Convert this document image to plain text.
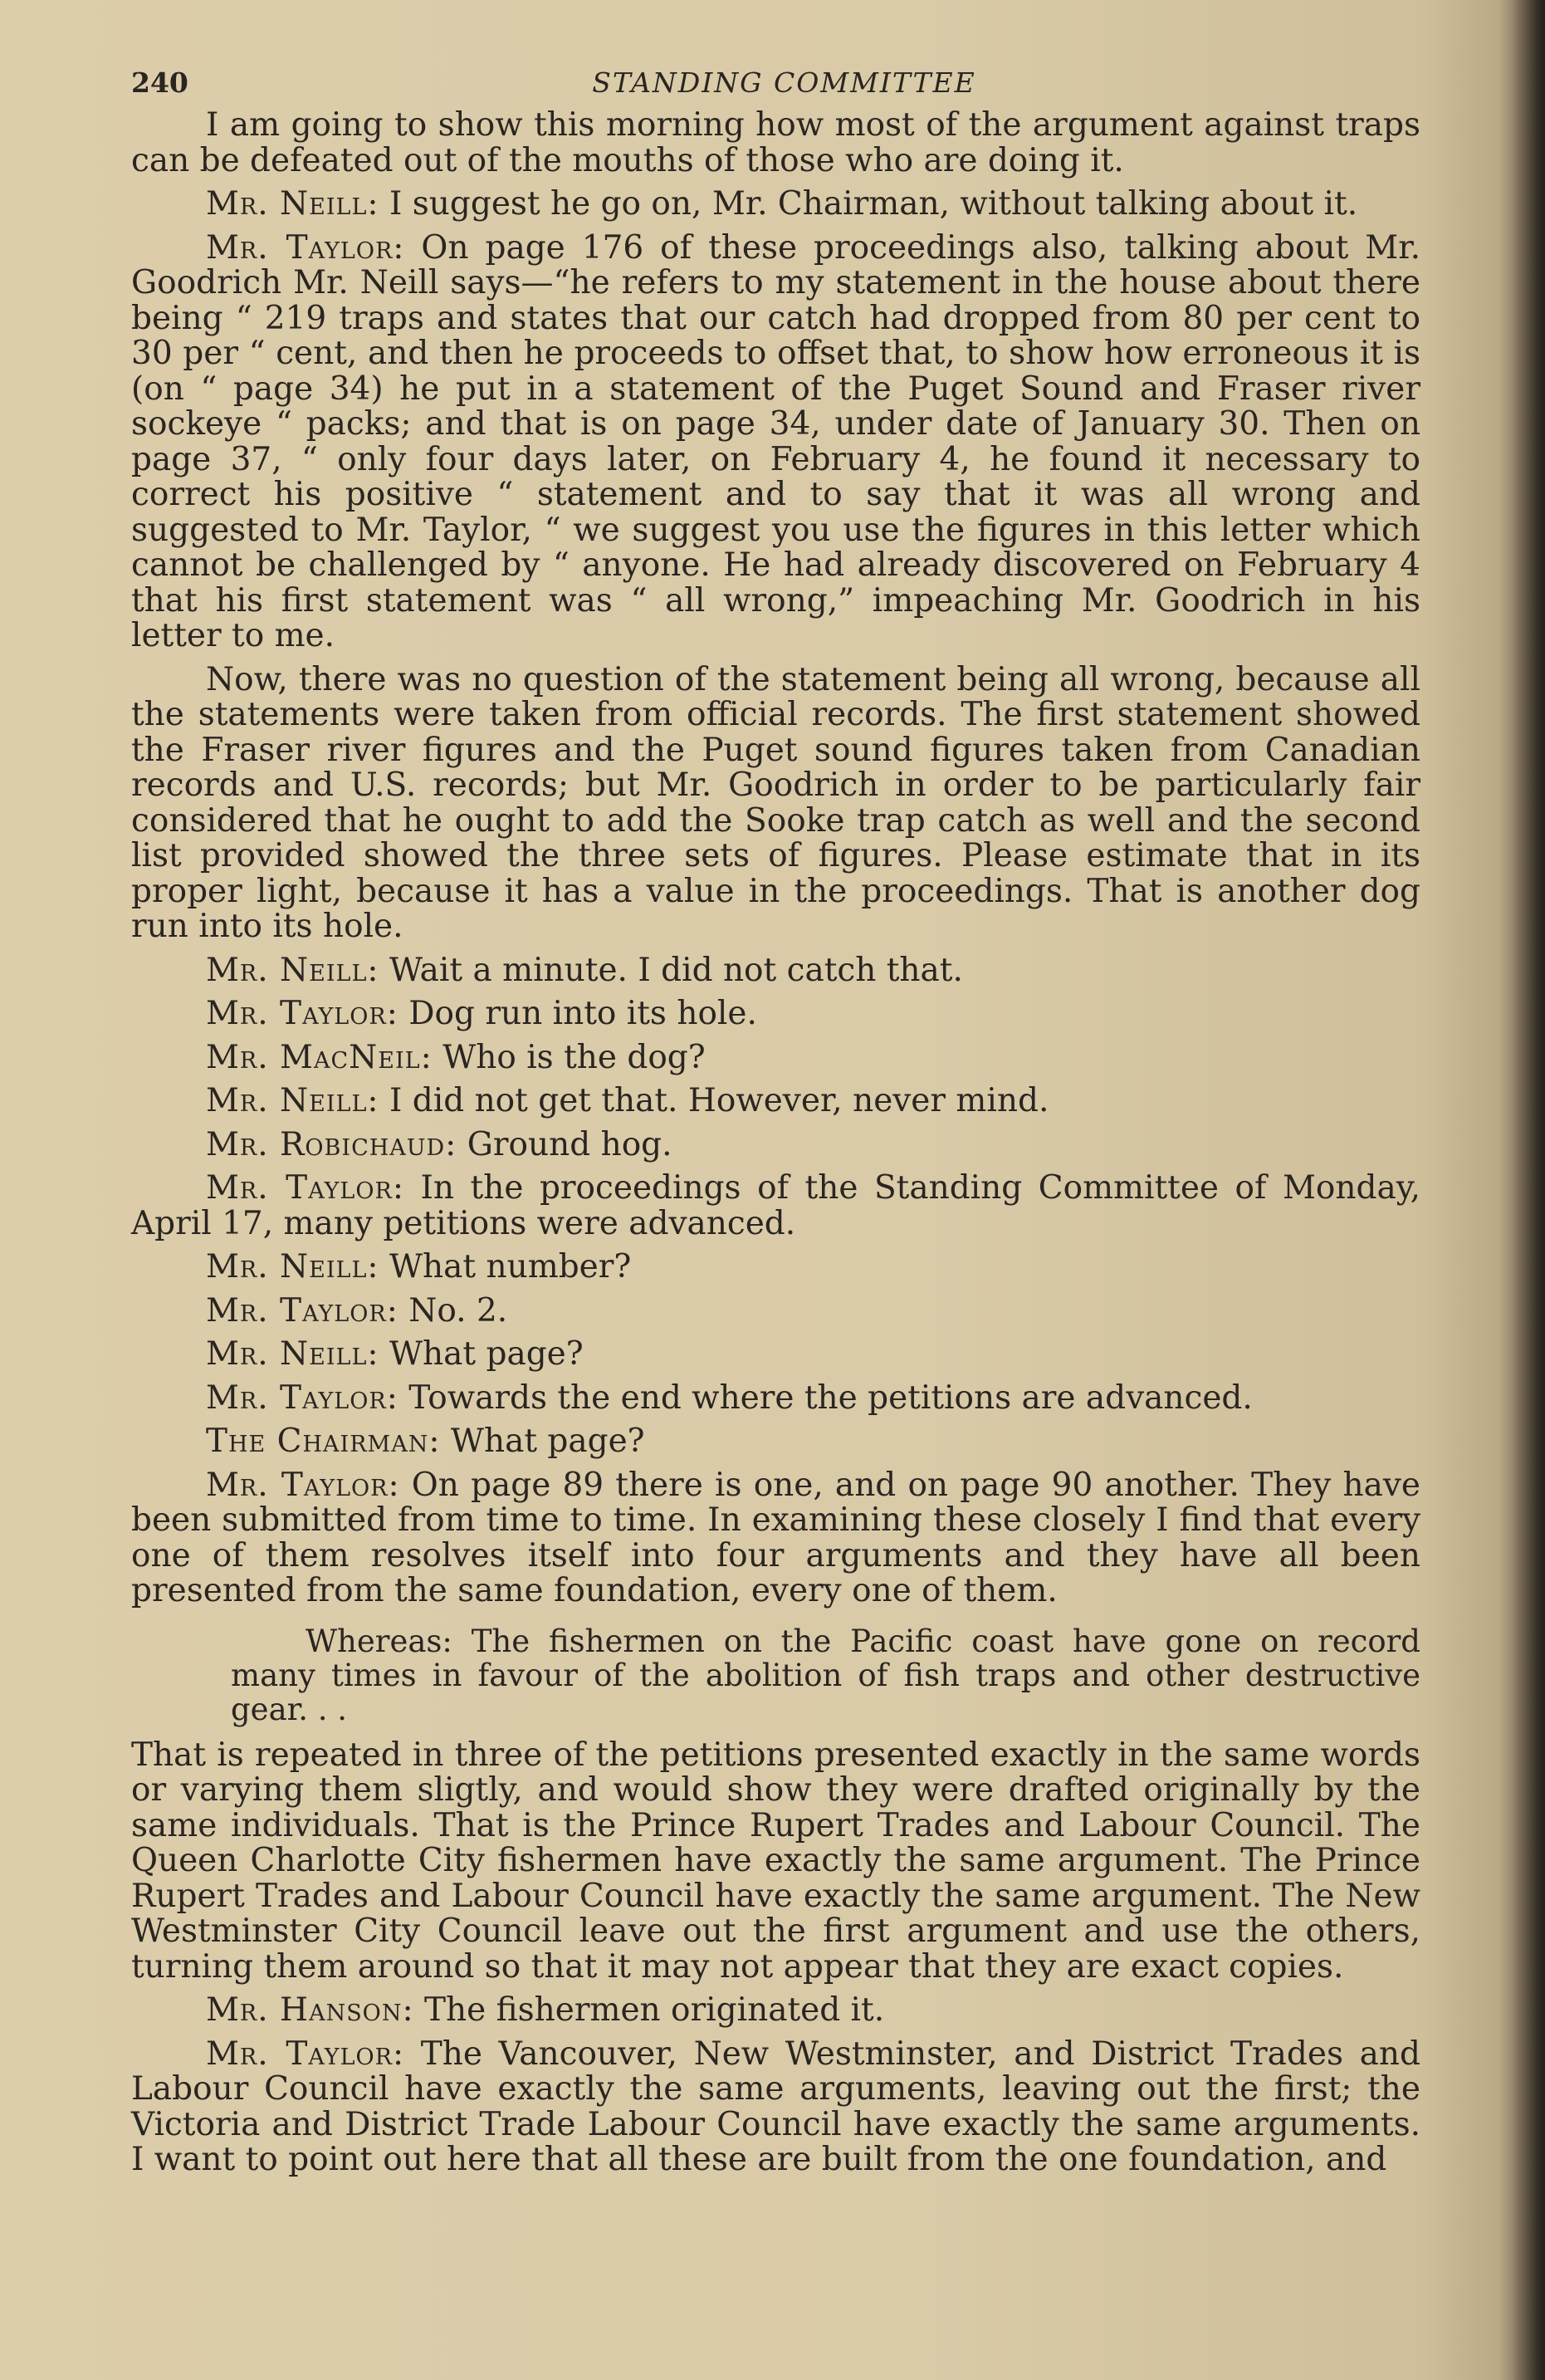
240	STANDING COMMITTEE

I am going to show this morning how most of the argument against traps can be defeated out of the mouths of those who are doing it.

Mr. Neill: I suggest he go on, Mr. Chairman, without talking about it.

Mr. Taylor: On page 176 of these proceedings also, talking about Mr. Goodrich Mr. Neill says—“he refers to my statement in the house about there being “ 219 traps and states that our catch had dropped from 80 per cent to 30 per “ cent, and then he proceeds to offset that, to show how erroneous it is (on “ page 34) he put in a statement of the Puget Sound and Fraser river sockeye “ packs; and that is on page 34, under date of January 30. Then on page 37, “ only four days later, on February 4, he found it necessary to correct his positive “ statement and to say that it was all wrong and suggested to Mr. Taylor, “ we suggest you use the figures in this letter which cannot be challenged by “ anyone. He had already discovered on February 4 that his first statement was “ all wrong,” impeaching Mr. Goodrich in his letter to me.

Now, there was no question of the statement being all wrong, because all the statements were taken from official records. The first statement showed the Fraser river figures and the Puget sound figures taken from Canadian records and U.S. records; but Mr. Goodrich in order to be particularly fair considered that he ought to add the Sooke trap catch as well and the second list provided showed the three sets of figures. Please estimate that in its proper light, because it has a value in the proceedings. That is another dog run into its hole.

Mr. Neill: Wait a minute. I did not catch that.

Mr. Taylor: Dog run into its hole.

Mr. MacNeil: Who is the dog?

Mr. Neill: I did not get that. However, never mind.

Mr. Robichaud: Ground hog.

Mr. Taylor: In the proceedings of the Standing Committee of Monday, April 17, many petitions were advanced.

Mr. Neill: What number?

Mr. Taylor: No. 2.

Mr. Neill: What page?

Mr. Taylor: Towards the end where the petitions are advanced.

The Chairman: What page?

Mr. Taylor: On page 89 there is one, and on page 90 another. They have been submitted from time to time. In examining these closely I find that every one of them resolves itself into four arguments and they have all been presented from the same foundation, every one of them.

Whereas: The fishermen on the Pacific coast have gone on record many times in favour of the abolition of fish traps and other destructive gear. . .

That is repeated in three of the petitions presented exactly in the same words or varying them sligtly, and would show they were drafted originally by the same individuals. That is the Prince Rupert Trades and Labour Council. The Queen Charlotte City fishermen have exactly the same argument. The Prince Rupert Trades and Labour Council have exactly the same argument. The New Westminster City Council leave out the first argument and use the others, turning them around so that it may not appear that they are exact copies.

Mr. Hanson: The fishermen originated it.

Mr. Taylor: The Vancouver, New Westminster, and District Trades and Labour Council have exactly the same arguments, leaving out the first; the Victoria and District Trade Labour Council have exactly the same arguments. I want to point out here that all these are built from the one foundation, and
